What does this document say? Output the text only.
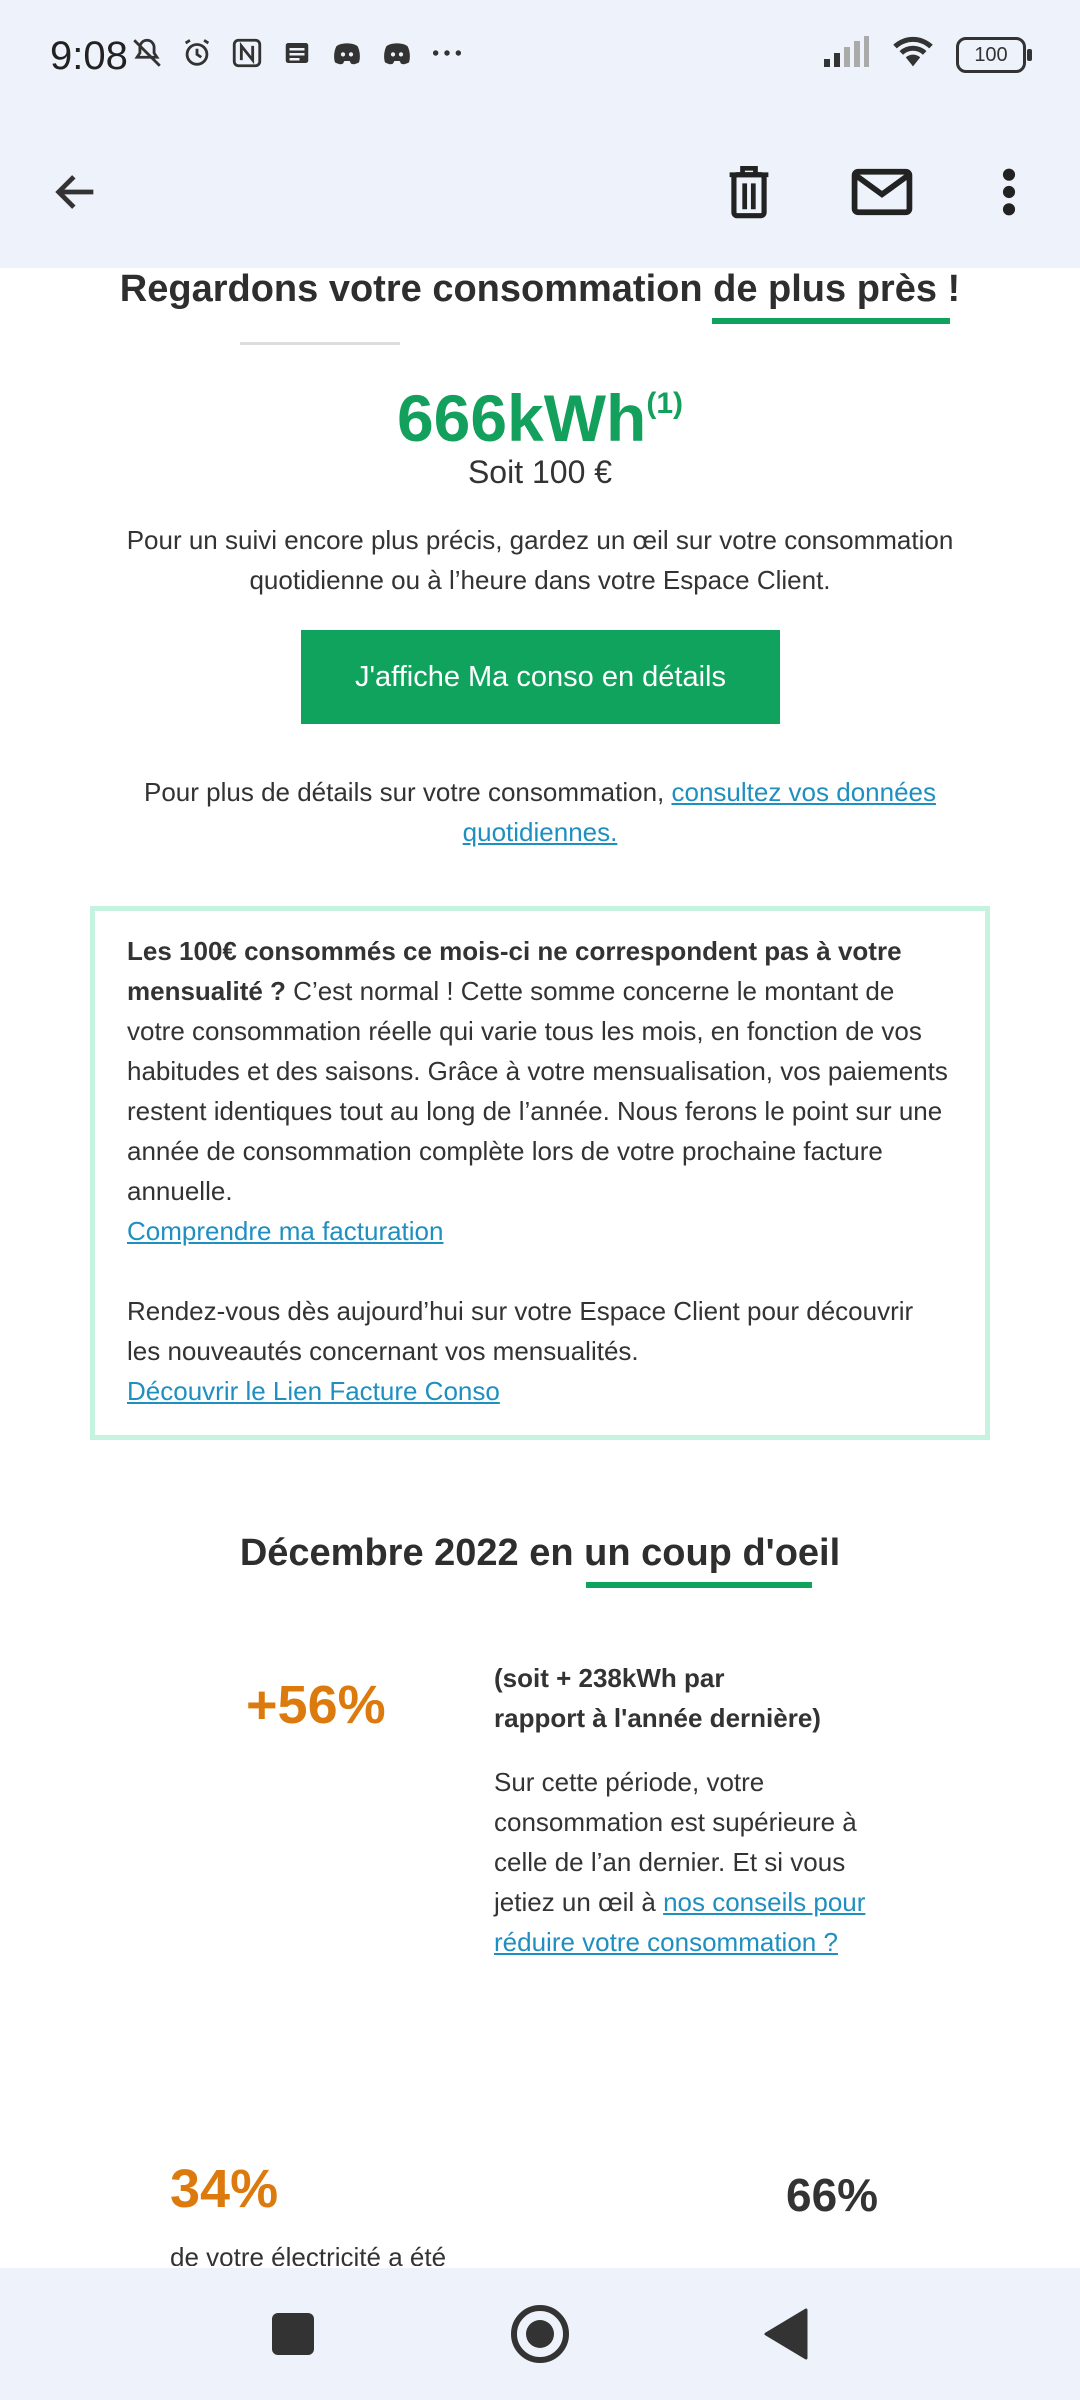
9:08	100
Regardons votre consommation de plus près !
666kWh$^{(1)}$
Soit 100 €
Pour un suivi encore plus précis, gardez un œil sur votre consommation
quotidienne ou à l’heure dans votre Espace Client.
J'affiche Ma conso en détails
Pour plus de détails sur votre consommation, consultez vos données
quotidiennes.

Les 100€ consommés ce mois-ci ne correspondent pas à votre mensualité ? C’est normal ! Cette somme concerne le montant de votre consommation réelle qui varie tous les mois, en fonction de vos habitudes et des saisons. Grâce à votre mensualisation, vos paiements restent identiques tout au long de l’année. Nous ferons le point sur une année de consommation complète lors de votre prochaine facture annuelle.

Comprendre ma facturation

Rendez-vous dès aujourd’hui sur votre Espace Client pour découvrir les nouveautés concernant vos mensualités.

Découvrir le Lien Facture Conso

Décembre 2022 en un coup d'oeil
+56%	(soit + 238kWh par

rapport à l'année dernière)

Sur cette période, votre

consommation est supérieure à

celle de l’an dernier. Et si vous

jetiez un œil à nos conseils pour

réduire votre consommation ?

34%	66%
de votre électricité a été
